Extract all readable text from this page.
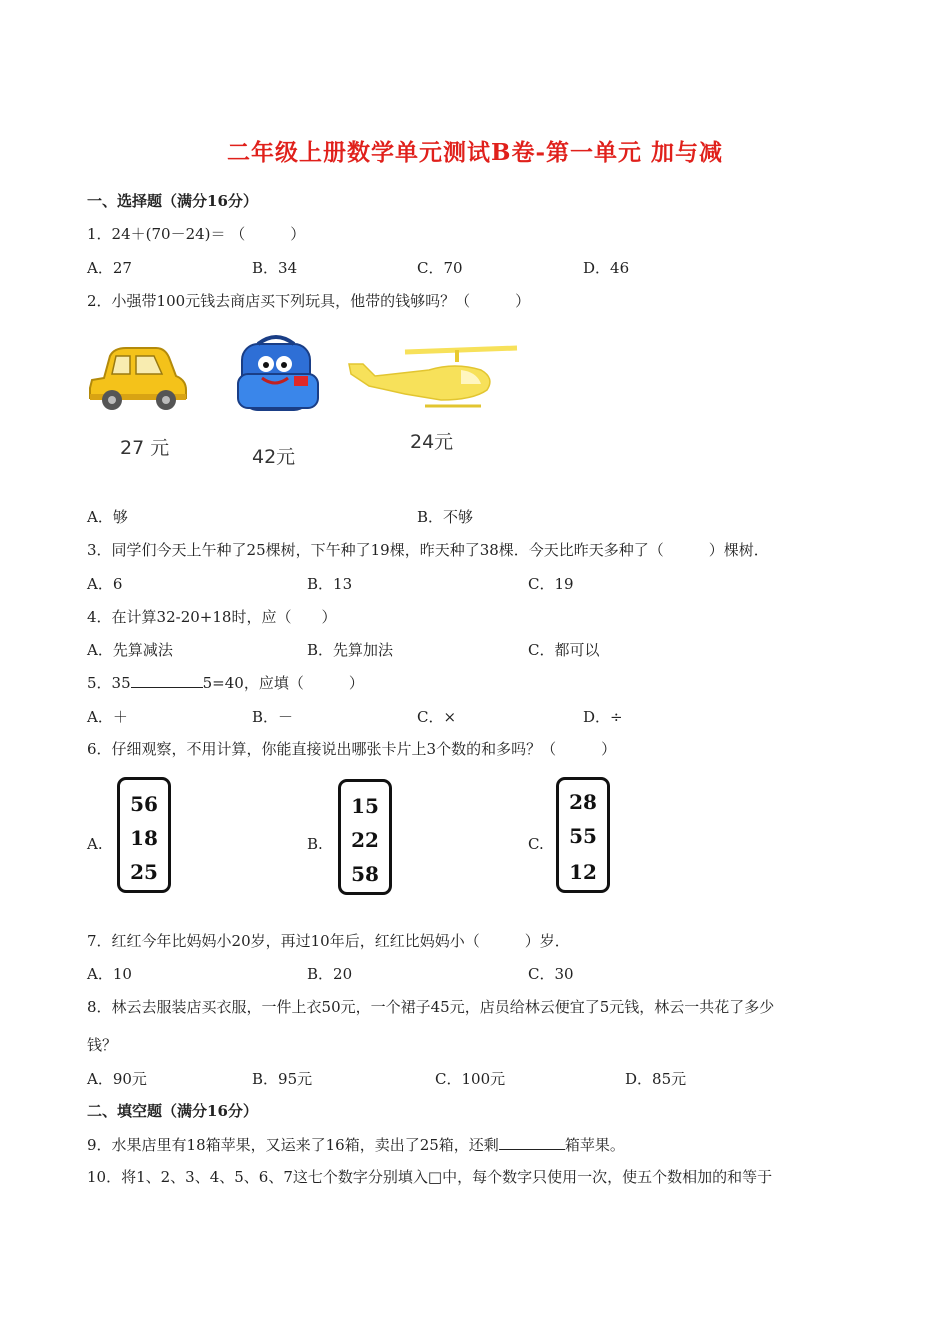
二年级上册数学单元测试B卷-第一单元 加与减
一、选择题（满分16分）
1．24＋(70－24)＝ （　　　）
A．27	B．34	C．70	D．46
2．小强带100元钱去商店买下列玩具，他带的钱够吗？（　　　）
27 元	42元
24元
A．够	B．不够
3．同学们今天上午种了25棵树，下午种了19棵，昨天种了38棵．今天比昨天多种了（　　　）棵树．
A．6	B．13	C．19
4．在计算32-20+18时，应（　　）
A．先算减法	B．先算加法	C．都可以
5．35	5=40，应填（　　　）
A．＋	B．－	C．×	D．÷
6．仔细观察，不用计算，你能直接说出哪张卡片上3个数的和多吗？（　　　）
A.
56
18
25
B.
15
22
58
C.
28
55
12
7．红红今年比妈妈小20岁，再过10年后，红红比妈妈小（　　　）岁．
A．10	B．20	C．30
8．林云去服装店买衣服，一件上衣50元，一个裙子45元，店员给林云便宜了5元钱，林云一共花了多少
钱？
A．90元	B．95元	C．100元	D．85元
二、填空题（满分16分）
9．水果店里有18箱苹果，又运来了16箱，卖出了25箱，还剩	箱苹果。
10．将1、2、3、4、5、6、7这七个数字分别填入□中，每个数字只使用一次，使五个数相加的和等于
